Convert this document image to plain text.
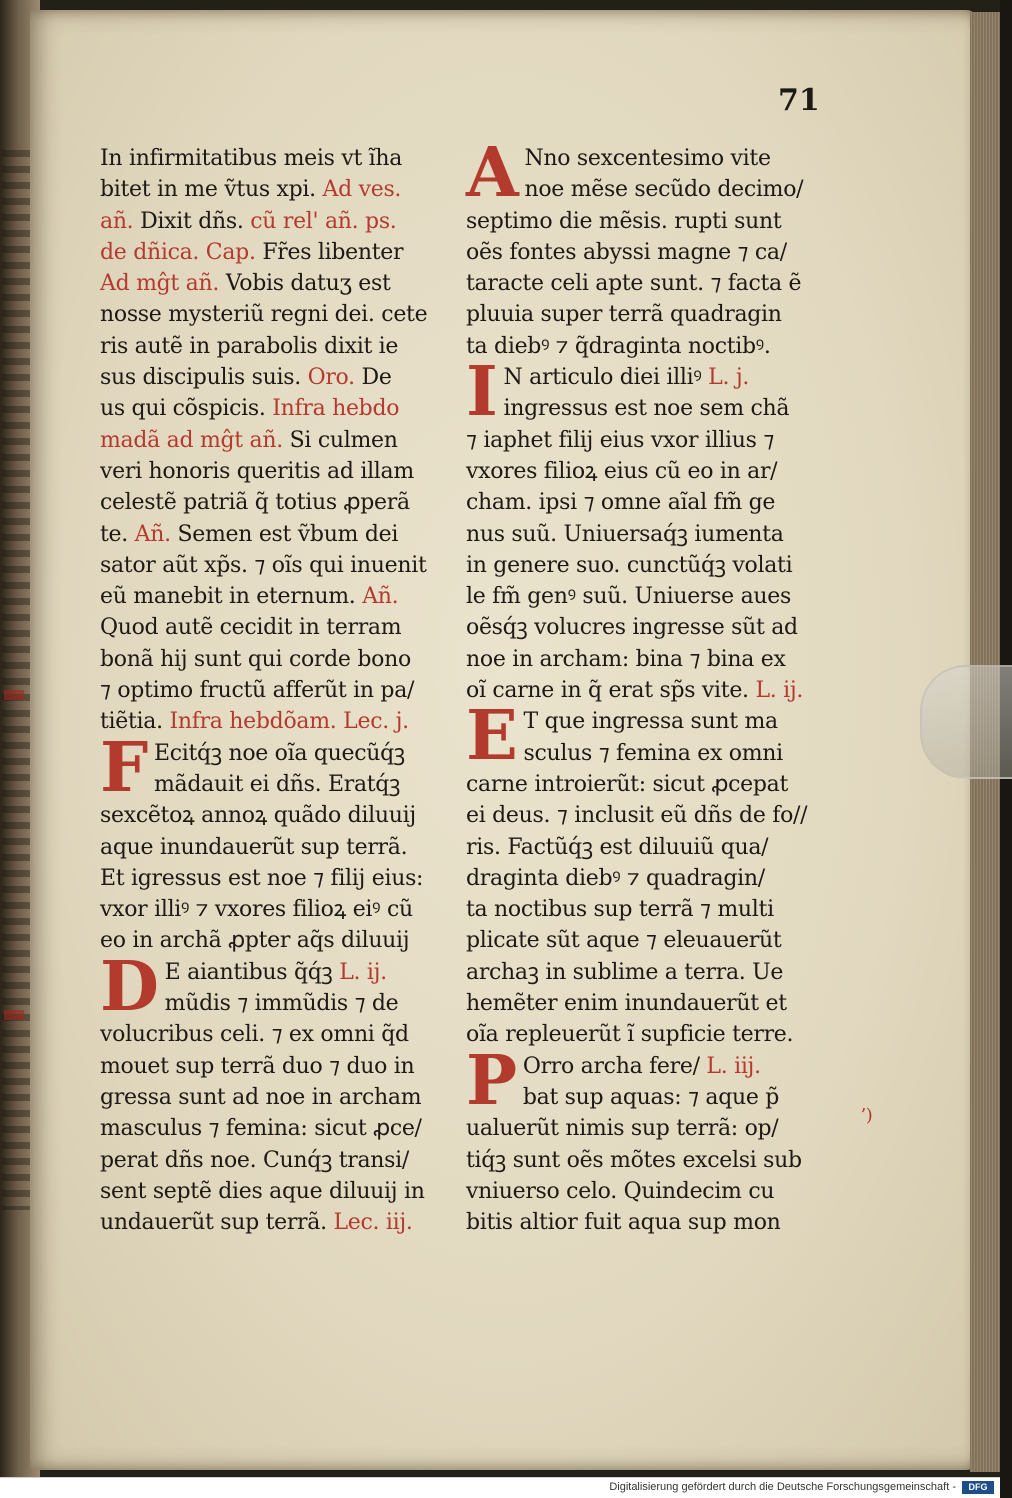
71
In infirmitatibus meis vt ĩha
bitet in me ṽtus xpi. Ad ves.
añ. Dixit dñs. cũ rel' añ. ps.
de dñica. Cap. Fr̃es libenter
Ad mĝt añ. Vobis datuʒ est
nosse mysteriũ regni dei. cete
ris autẽ in parabolis dixit ie
sus discipulis suis. Oro. De
us qui cõspicis. Infra hebdo
madã ad mĝt añ. Si culmen
veri honoris queritis ad illam
celestẽ patriã q̃ totius ꝓperã
te. Añ. Semen est ṽbum dei
sator aũt xp̃s. ⁊ oĩs qui inuenit
eũ manebit in eternum. Añ.
Quod autẽ cecidit in terram
bonã hij sunt qui corde bono
⁊ optimo fructũ afferũt in pa/
tiẽtia. Infra hebdõam. Lec. j.
F Ecitq́ꝫ noe oĩa quecũq́ꝫ
mãdauit ei dñs. Eratq́ꝫ
sexcẽtoꝝ annoꝝ quãdo diluuij
aque inundauerũt sup terrã.
Et igressus est noe ⁊ filij eius:
vxor illiꝰ ⁊ vxores filioꝝ eiꝰ cũ
eo in archã ꝓpter aq̃s diluuij
D E aiantibus q̃q́ꝫ L. ij.
mũdis ⁊ immũdis ⁊ de
volucribus celi. ⁊ ex omni q̃d
mouet sup terrã duo ⁊ duo in
gressa sunt ad noe in archam
masculus ⁊ femina: sicut ꝓce/
perat dñs noe. Cunq́ꝫ transi/
sent septẽ dies aque diluuij in
undauerũt sup terrã. Lec. iij.
A Nno sexcentesimo vite
noe mẽse secũdo decimo/
septimo die mẽsis. rupti sunt
oẽs fontes abyssi magne ⁊ ca/
taracte celi apte sunt. ⁊ facta ẽ
pluuia super terrã quadragin
ta diebꝰ ⁊ q̃draginta noctibꝰ.
I N articulo diei illiꝰ L. j.
ingressus est noe sem chã
⁊ iaphet filij eius vxor illius ⁊
vxores filioꝝ eius cũ eo in ar/
cham. ipsi ⁊ omne aĩal fm̃ ge
nus suũ. Uniuersaq́ꝫ iumenta
in genere suo. cunctũq́ꝫ volati
le fm̃ genꝰ suũ. Uniuerse aues
oẽsq́ꝫ volucres ingresse sũt ad
noe in archam: bina ⁊ bina ex
oĩ carne in q̃ erat sp̃s vite. L. ij.
E T que ingressa sunt ma
sculus ⁊ femina ex omni
carne introierũt: sicut ꝓcepat
ei deus. ⁊ inclusit eũ dñs de fo//
ris. Factũq́ꝫ est diluuiũ qua/
draginta diebꝰ ⁊ quadragin/
ta noctibus sup terrã ⁊ multi
plicate sũt aque ⁊ eleuauerũt
archaꝫ in sublime a terra. Ue
hemẽter enim inundauerũt et
oĩa repleuerũt ĩ supficie terre.
P Orro archa fere/ L. iij.
bat sup aquas: ⁊ aque p̃
ualuerũt nimis sup terrã: op/
tiq́ꝫ sunt oẽs mõtes excelsi sub
vniuerso celo. Quindecim cu
bitis altior fuit aqua sup mon
ʼ)
Digitalisierung gefördert durch die Deutsche Forschungsgemeinschaft -	DFG
